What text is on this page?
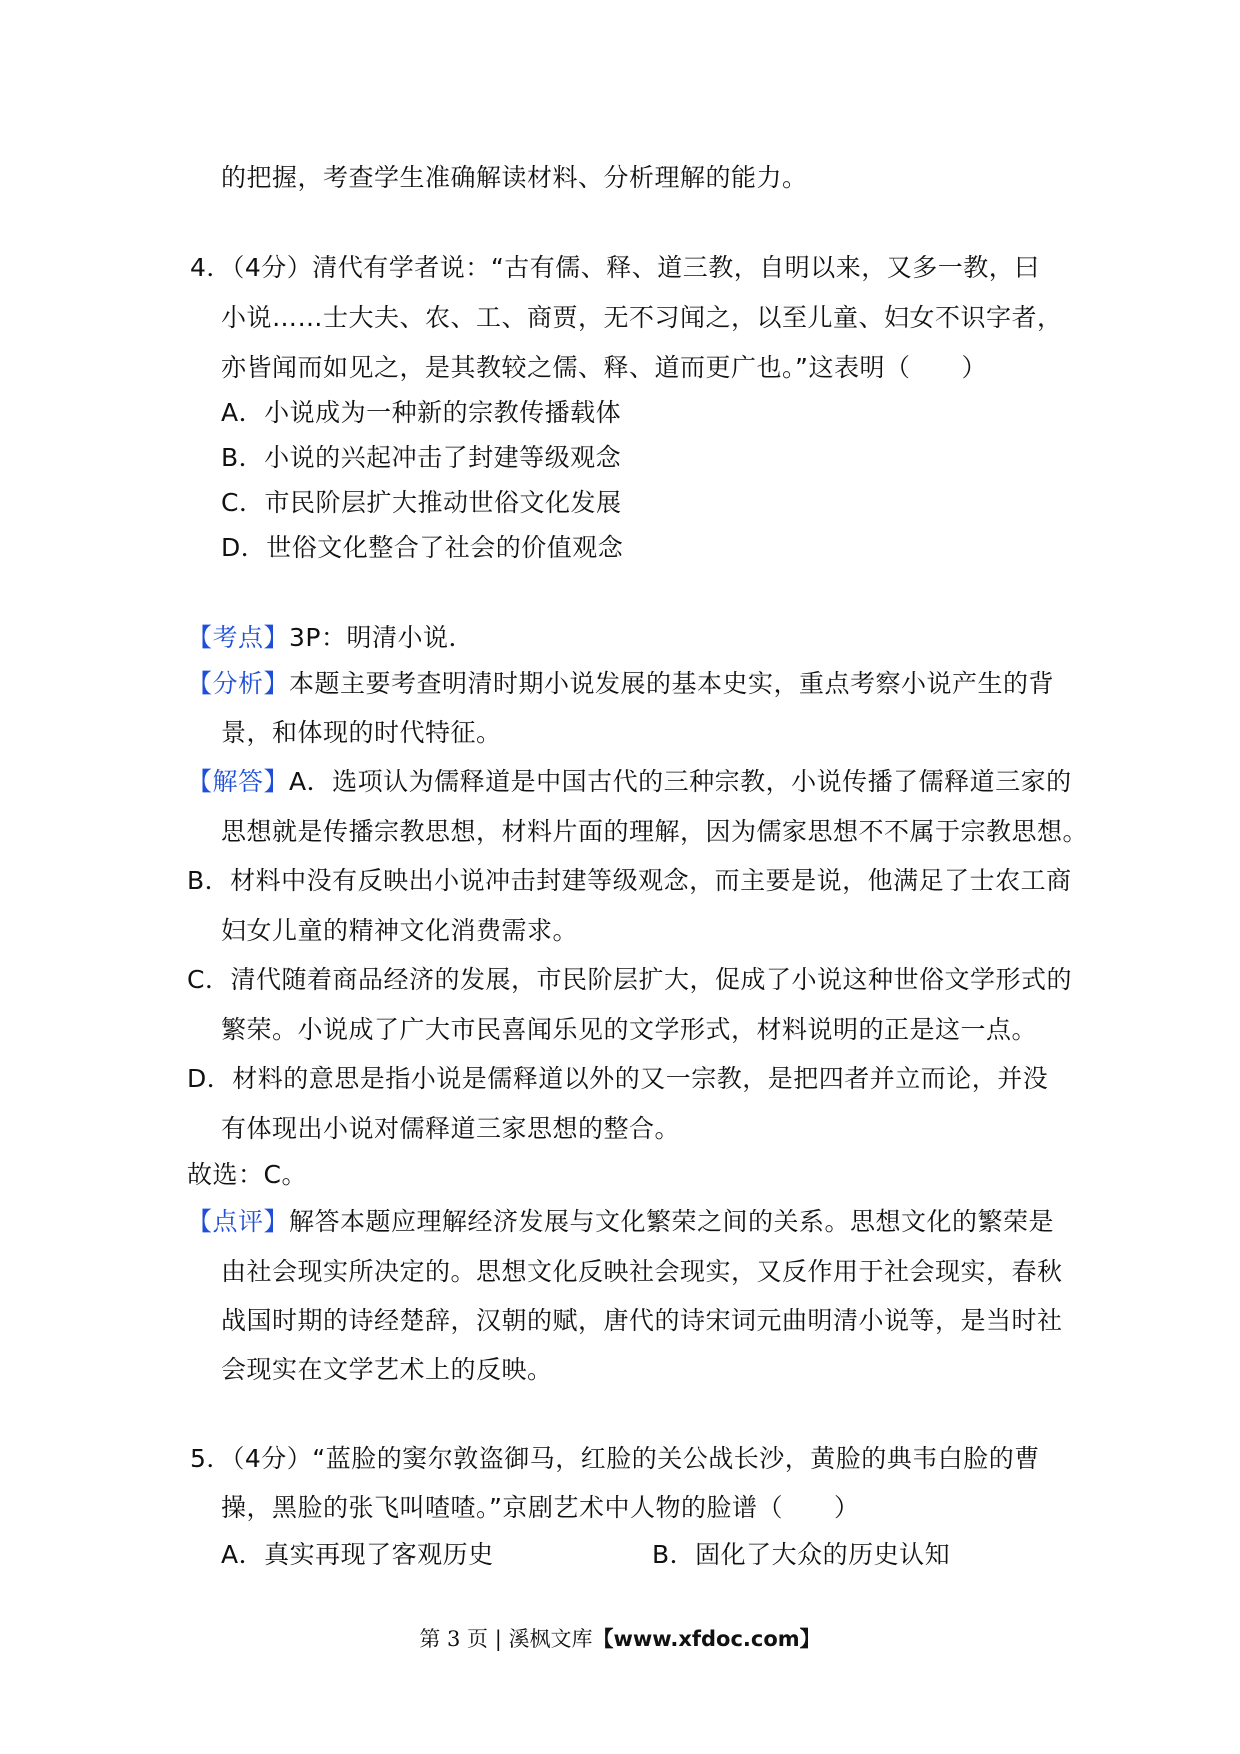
的把握，考查学生准确解读材料、分析理解的能力。
4．（4分）清代有学者说：“古有儒、释、道三教，自明以来，又多一教，曰
小说……士大夫、农、工、商贾，无不习闻之，以至儿童、妇女不识字者，
亦皆闻而如见之，是其教较之儒、释、道而更广也。”这表明（　　）
A．小说成为一种新的宗教传播载体
B．小说的兴起冲击了封建等级观念
C．市民阶层扩大推动世俗文化发展
D．世俗文化整合了社会的价值观念
【考点】3P：明清小说．
【分析】本题主要考查明清时期小说发展的基本史实，重点考察小说产生的背
景，和体现的时代特征。
【解答】A．选项认为儒释道是中国古代的三种宗教，小说传播了儒释道三家的
思想就是传播宗教思想，材料片面的理解，因为儒家思想不不属于宗教思想。
B．材料中没有反映出小说冲击封建等级观念，而主要是说，他满足了士农工商
妇女儿童的精神文化消费需求。
C．清代随着商品经济的发展，市民阶层扩大，促成了小说这种世俗文学形式的
繁荣。小说成了广大市民喜闻乐见的文学形式，材料说明的正是这一点。
D．材料的意思是指小说是儒释道以外的又一宗教，是把四者并立而论，并没
有体现出小说对儒释道三家思想的整合。
故选：C。
【点评】解答本题应理解经济发展与文化繁荣之间的关系。思想文化的繁荣是
由社会现实所决定的。思想文化反映社会现实，又反作用于社会现实，春秋
战国时期的诗经楚辞，汉朝的赋，唐代的诗宋词元曲明清小说等，是当时社
会现实在文学艺术上的反映。
5．（4分）“蓝脸的窦尔敦盗御马，红脸的关公战长沙，黄脸的典韦白脸的曹
操，黑脸的张飞叫喳喳。”京剧艺术中人物的脸谱（　　）
A．真实再现了客观历史	B．固化了大众的历史认知
第 3 页 | 溪枫文库【www.xfdoc.com】
